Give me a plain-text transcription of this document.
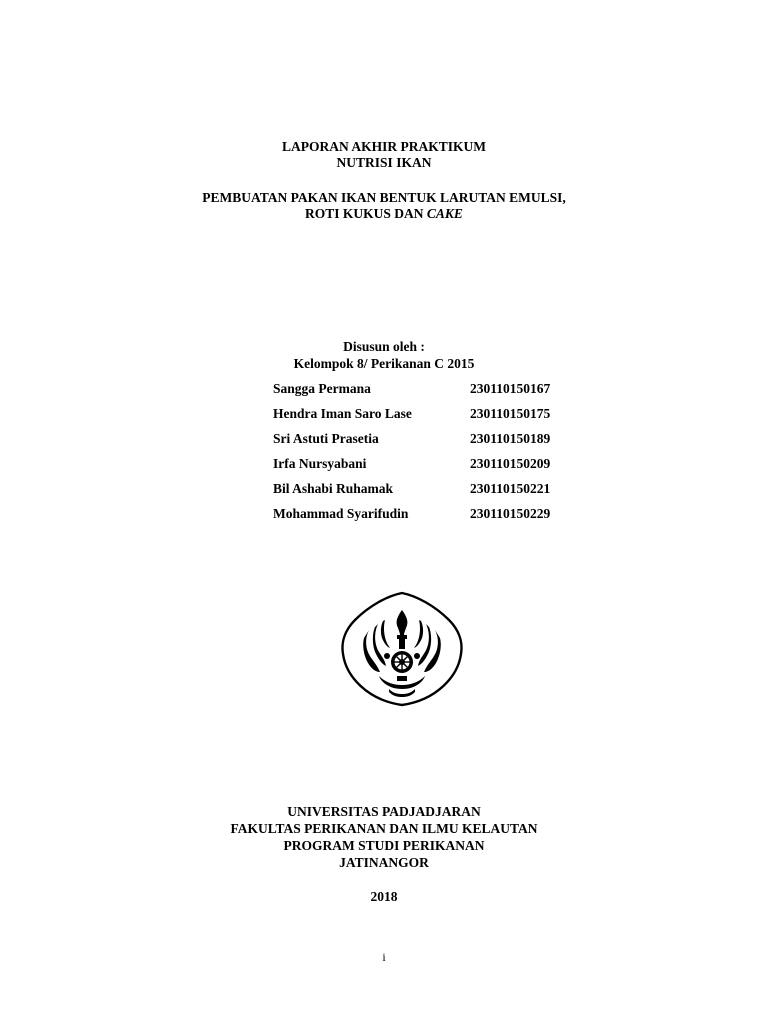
LAPORAN AKHIR PRAKTIKUM
NUTRISI IKAN
PEMBUATAN PAKAN IKAN BENTUK LARUTAN EMULSI,
ROTI KUKUS DAN CAKE
Disusun oleh :
Kelompok 8/ Perikanan C 2015
Sangga Permana	230110150167
Hendra Iman Saro Lase	230110150175
Sri Astuti Prasetia	230110150189
Irfa Nursyabani	230110150209
Bil Ashabi Ruhamak	230110150221
Mohammad Syarifudin	230110150229
UNIVERSITAS PADJADJARAN
FAKULTAS PERIKANAN DAN ILMU KELAUTAN
PROGRAM STUDI PERIKANAN
JATINANGOR
2018
i
